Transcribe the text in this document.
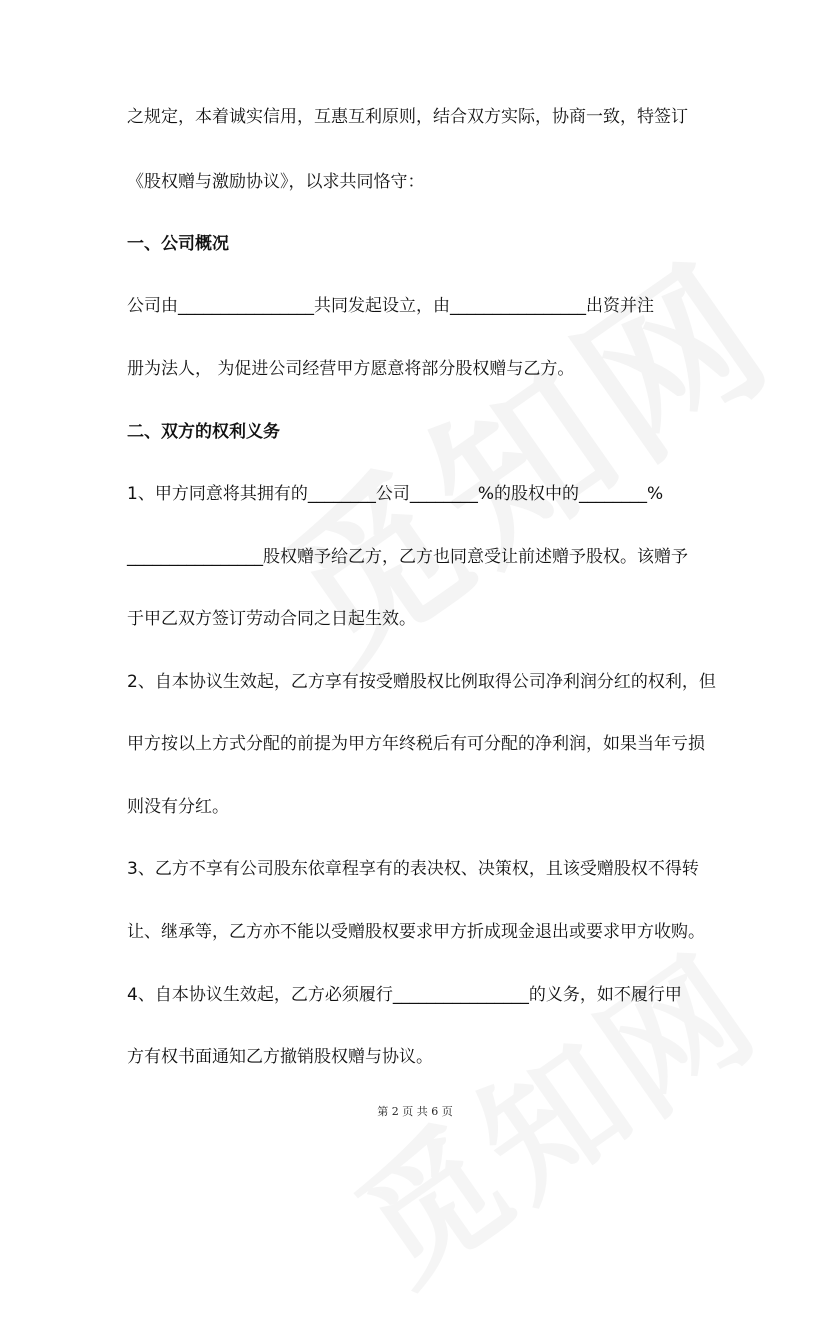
之规定，本着诚实信用，互惠互利原则，结合双方实际，协商一致，特签订
《股权赠与激励协议》，以求共同恪守：
一、公司概况
公司由________________共同发起设立，由________________出资并注
册为法人， 为促进公司经营甲方愿意将部分股权赠与乙方。
二、双方的权利义务
1、甲方同意将其拥有的________公司________%的股权中的________%
________________股权赠予给乙方，乙方也同意受让前述赠予股权。该赠予
于甲乙双方签订劳动合同之日起生效。
2、自本协议生效起，乙方享有按受赠股权比例取得公司净利润分红的权利，但
甲方按以上方式分配的前提为甲方年终税后有可分配的净利润，如果当年亏损
则没有分红。
3、乙方不享有公司股东依章程享有的表决权、决策权，且该受赠股权不得转
让、继承等，乙方亦不能以受赠股权要求甲方折成现金退出或要求甲方收购。
4、自本协议生效起，乙方必须履行________________的义务，如不履行甲
方有权书面通知乙方撤销股权赠与协议。
第 2 页 共 6 页
